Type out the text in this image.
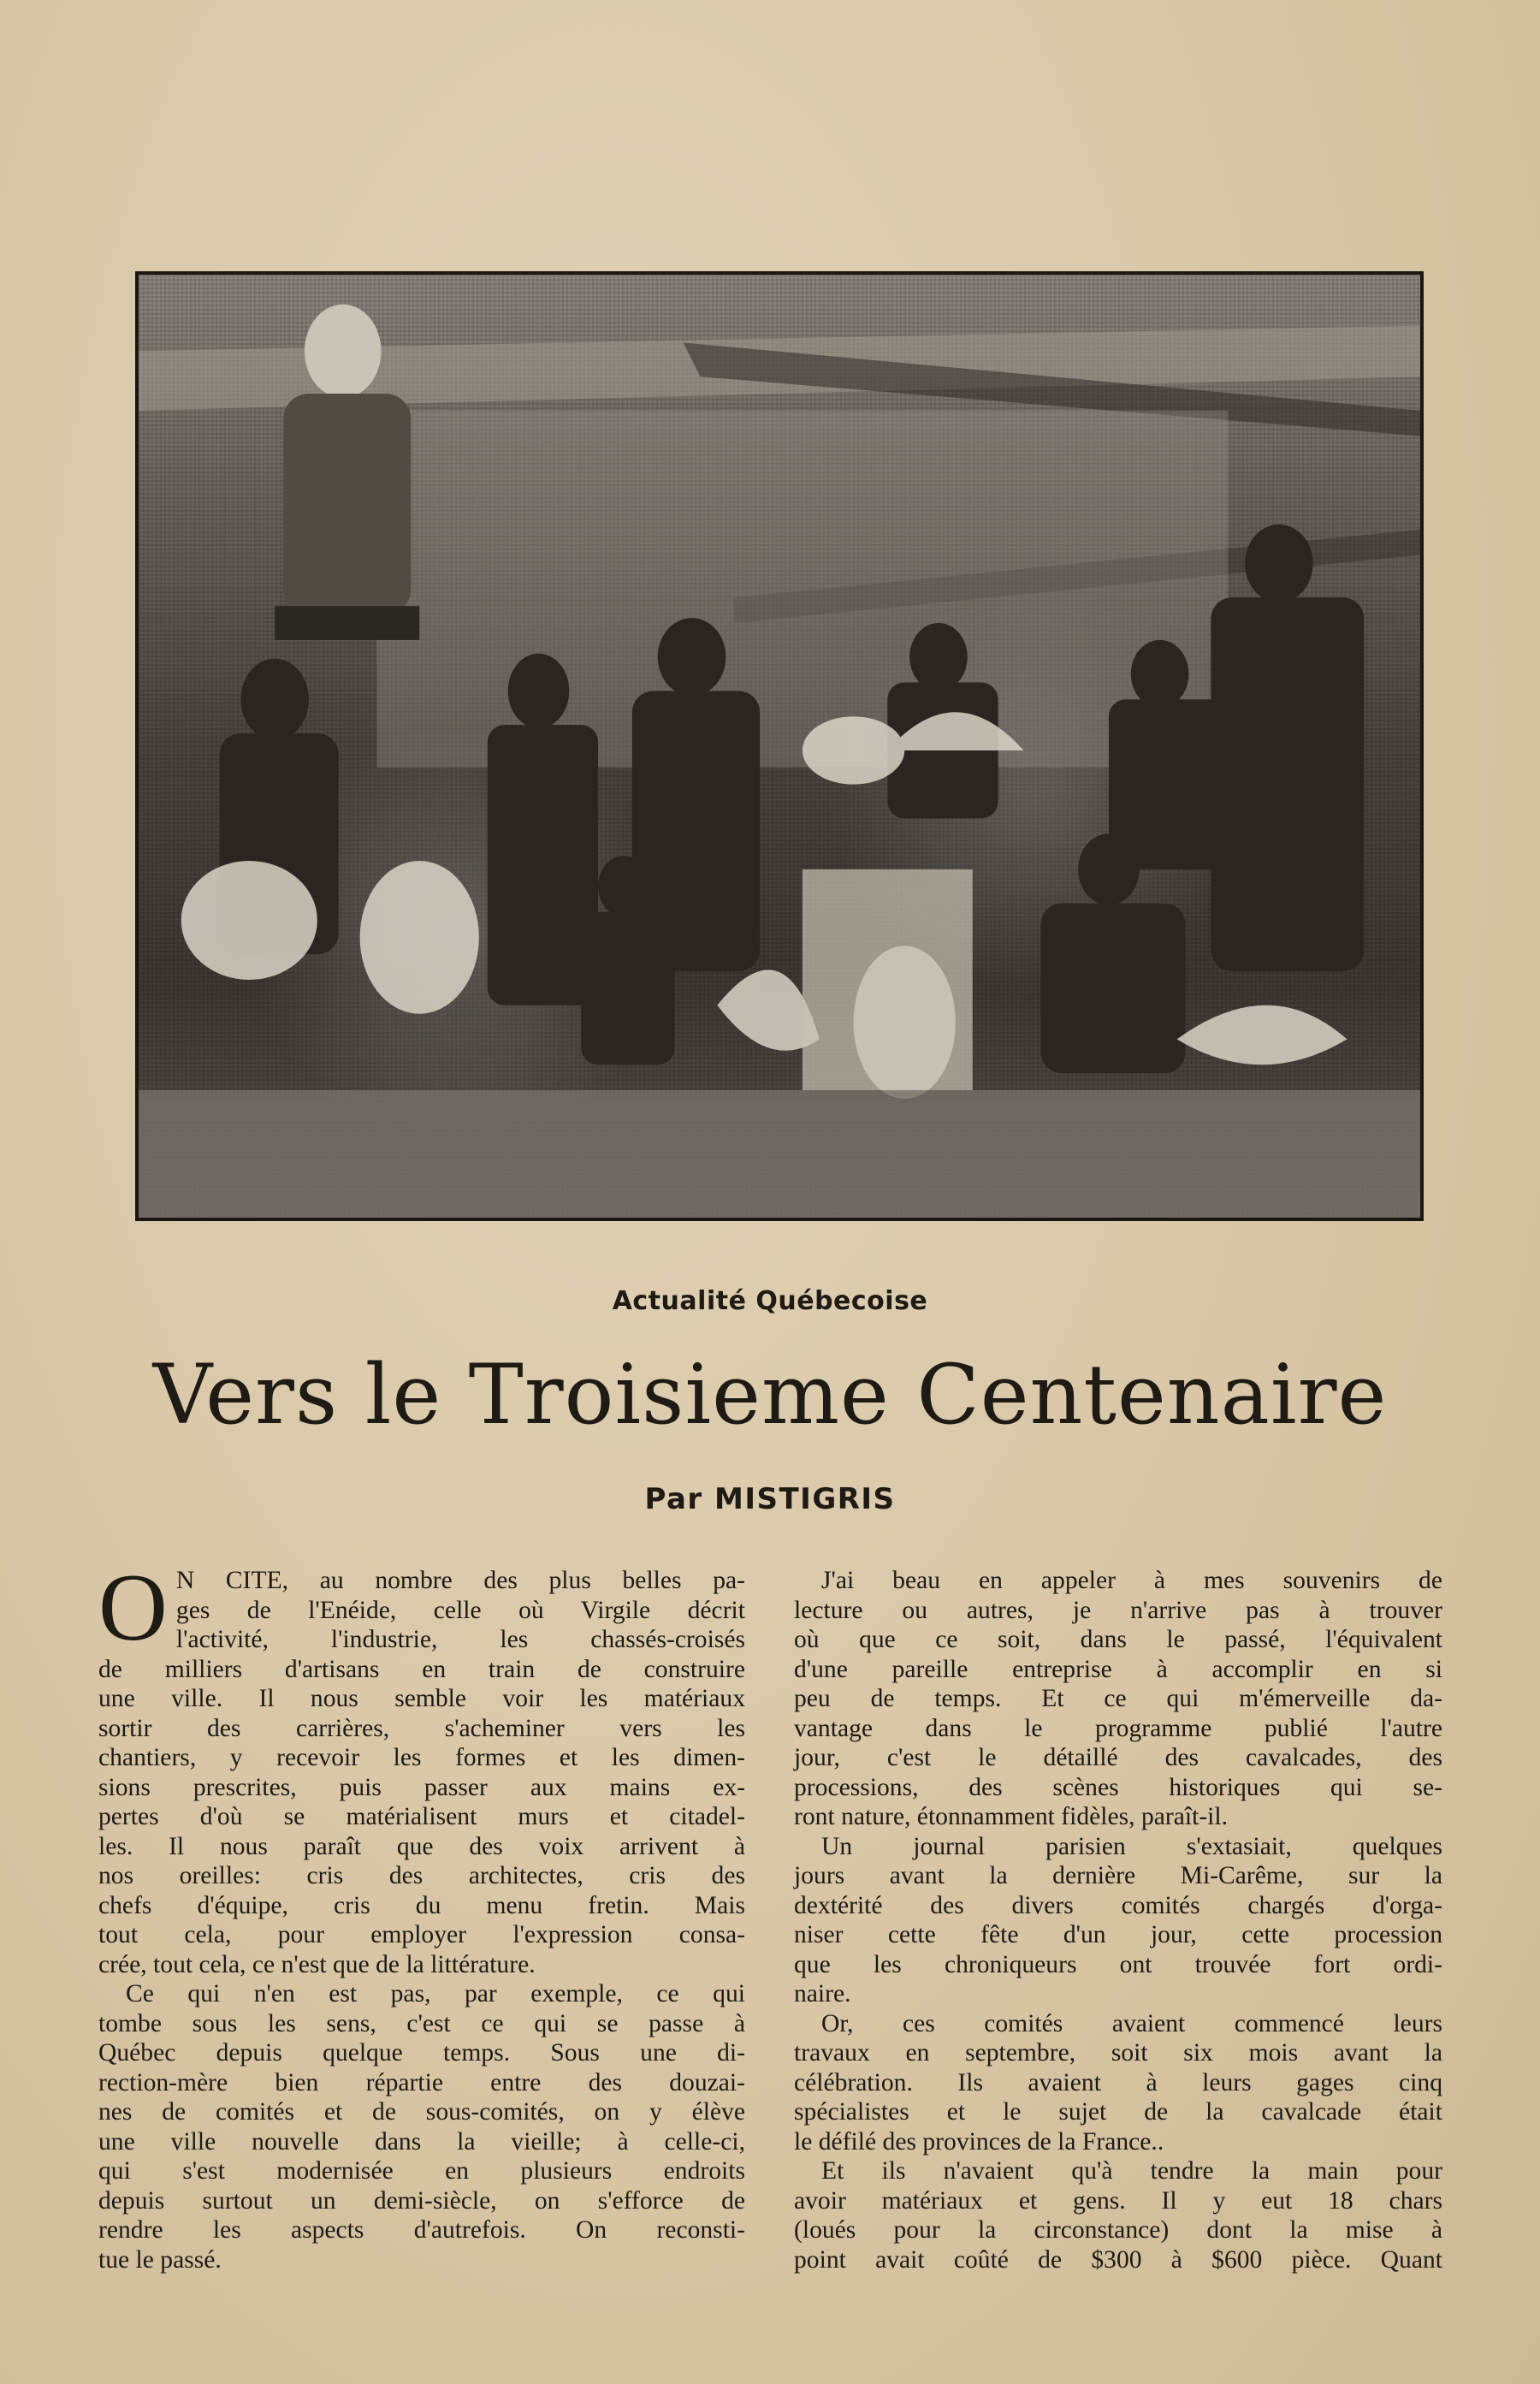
Actualité Québecoise
Vers le Troisieme Centenaire
Par MISTIGRIS
O N CITE, au nombre des plus belles pa-
ges de l'Enéide, celle où Virgile décrit
l'activité, l'industrie, les chassés-croisés
de milliers d'artisans en train de construire
une ville. Il nous semble voir les matériaux
sortir des carrières, s'acheminer vers les
chantiers, y recevoir les formes et les dimen-
sions prescrites, puis passer aux mains ex-
pertes d'où se matérialisent murs et citadel-
les. Il nous paraît que des voix arrivent à
nos oreilles: cris des architectes, cris des
chefs d'équipe, cris du menu fretin. Mais
tout cela, pour employer l'expression consa-
crée, tout cela, ce n'est que de la littérature.
Ce qui n'en est pas, par exemple, ce qui
tombe sous les sens, c'est ce qui se passe à
Québec depuis quelque temps. Sous une di-
rection-mère bien répartie entre des douzai-
nes de comités et de sous-comités, on y élève
une ville nouvelle dans la vieille; à celle-ci,
qui s'est modernisée en plusieurs endroits
depuis surtout un demi-siècle, on s'efforce de
rendre les aspects d'autrefois. On reconsti-
tue le passé.
J'ai beau en appeler à mes souvenirs de
lecture ou autres, je n'arrive pas à trouver
où que ce soit, dans le passé, l'équivalent
d'une pareille entreprise à accomplir en si
peu de temps. Et ce qui m'émerveille da-
vantage dans le programme publié l'autre
jour, c'est le détaillé des cavalcades, des
processions, des scènes historiques qui se-
ront nature, étonnamment fidèles, paraît-il.
Un journal parisien s'extasiait, quelques
jours avant la dernière Mi-Carême, sur la
dextérité des divers comités chargés d'orga-
niser cette fête d'un jour, cette procession
que les chroniqueurs ont trouvée fort ordi-
naire.
Or, ces comités avaient commencé leurs
travaux en septembre, soit six mois avant la
célébration. Ils avaient à leurs gages cinq
spécialistes et le sujet de la cavalcade était
le défilé des provinces de la France..
Et ils n'avaient qu'à tendre la main pour
avoir matériaux et gens. Il y eut 18 chars
(loués pour la circonstance) dont la mise à
point avait coûté de $300 à $600 pièce. Quant
